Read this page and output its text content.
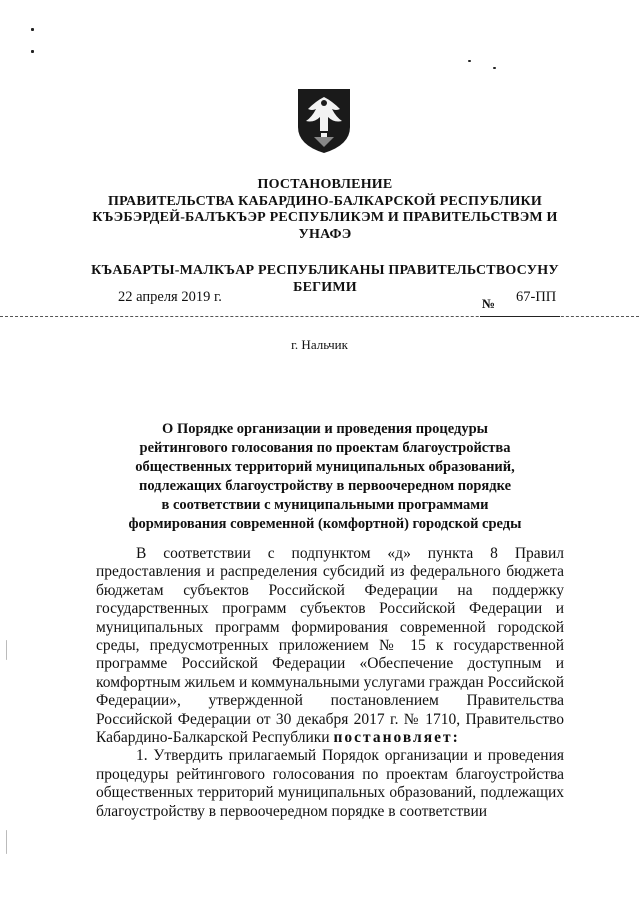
ПОСТАНОВЛЕНИЕ
ПРАВИТЕЛЬСТВА КАБАРДИНО-БАЛКАРСКОЙ РЕСПУБЛИКИ
КЪЭБЭРДЕЙ-БАЛЪКЪЭР РЕСПУБЛИКЭМ И ПРАВИТЕЛЬСТВЭМ И
УНАФЭ
КЪАБАРТЫ-МАЛКЪАР РЕСПУБЛИКАНЫ ПРАВИТЕЛЬСТВОСУНУ
БЕГИМИ
22 апреля 2019 г.	№ 67-ПП
г. Нальчик
О Порядке организации и проведения процедуры
рейтингового голосования по проектам благоустройства
общественных территорий муниципальных образований,
подлежащих благоустройству в первоочередном порядке
в соответствии с муниципальными программами
формирования современной (комфортной) городской среды

В соответствии с подпунктом «д» пункта 8 Правил предоставления и распределения субсидий из федерального бюджета бюджетам субъектов Российской Федерации на поддержку государственных программ субъектов Российской Федерации и муниципальных программ формирования современной городской среды, предусмотренных приложением № 15 к государственной программе Российской Федерации «Обеспечение доступным и комфортным жильем и коммунальными услугами граждан Российской Федерации», утвержденной постановлением Правительства Российской Федерации от 30 декабря 2017 г. № 1710, Правительство Кабардино-Балкарской Республики постановляет:

1. Утвердить прилагаемый Порядок организации и проведения процедуры рейтингового голосования по проектам благоустройства общественных территорий муниципальных образований, подлежащих благоустройству в первоочередном порядке в соответствии
